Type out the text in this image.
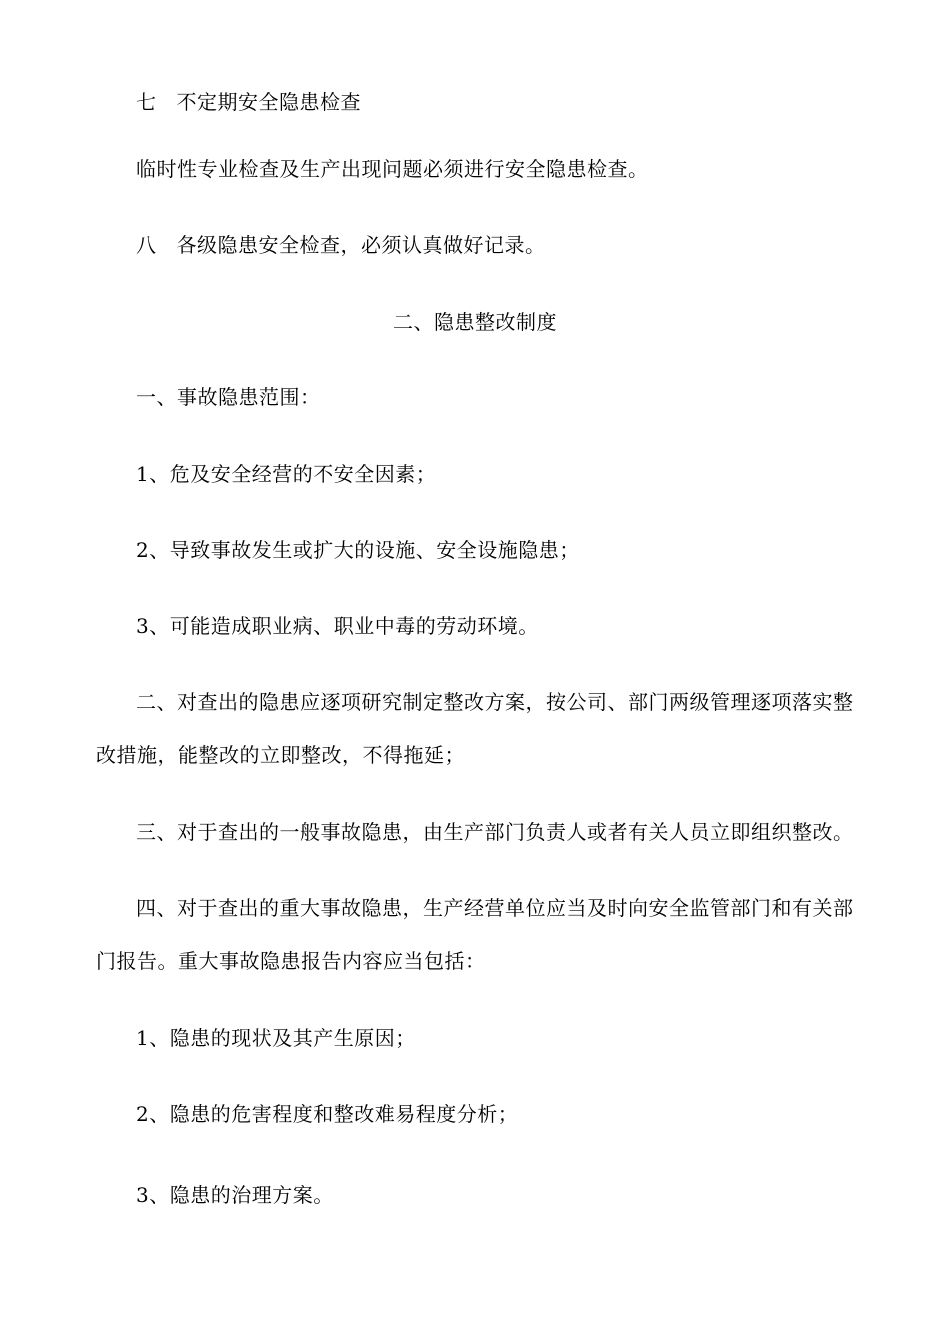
七 不定期安全隐患检查
临时性专业检查及生产出现问题必须进行安全隐患检查。
八 各级隐患安全检查，必须认真做好记录。
二、隐患整改制度
一、事故隐患范围：
1、危及安全经营的不安全因素；
2、导致事故发生或扩大的设施、安全设施隐患；
3、可能造成职业病、职业中毒的劳动环境。
二、对查出的隐患应逐项研究制定整改方案，按公司、部门两级管理逐项落实整
改措施，能整改的立即整改，不得拖延；
三、对于查出的一般事故隐患，由生产部门负责人或者有关人员立即组织整改。
四、对于查出的重大事故隐患，生产经营单位应当及时向安全监管部门和有关部
门报告。重大事故隐患报告内容应当包括：
1、隐患的现状及其产生原因；
2、隐患的危害程度和整改难易程度分析；
3、隐患的治理方案。
